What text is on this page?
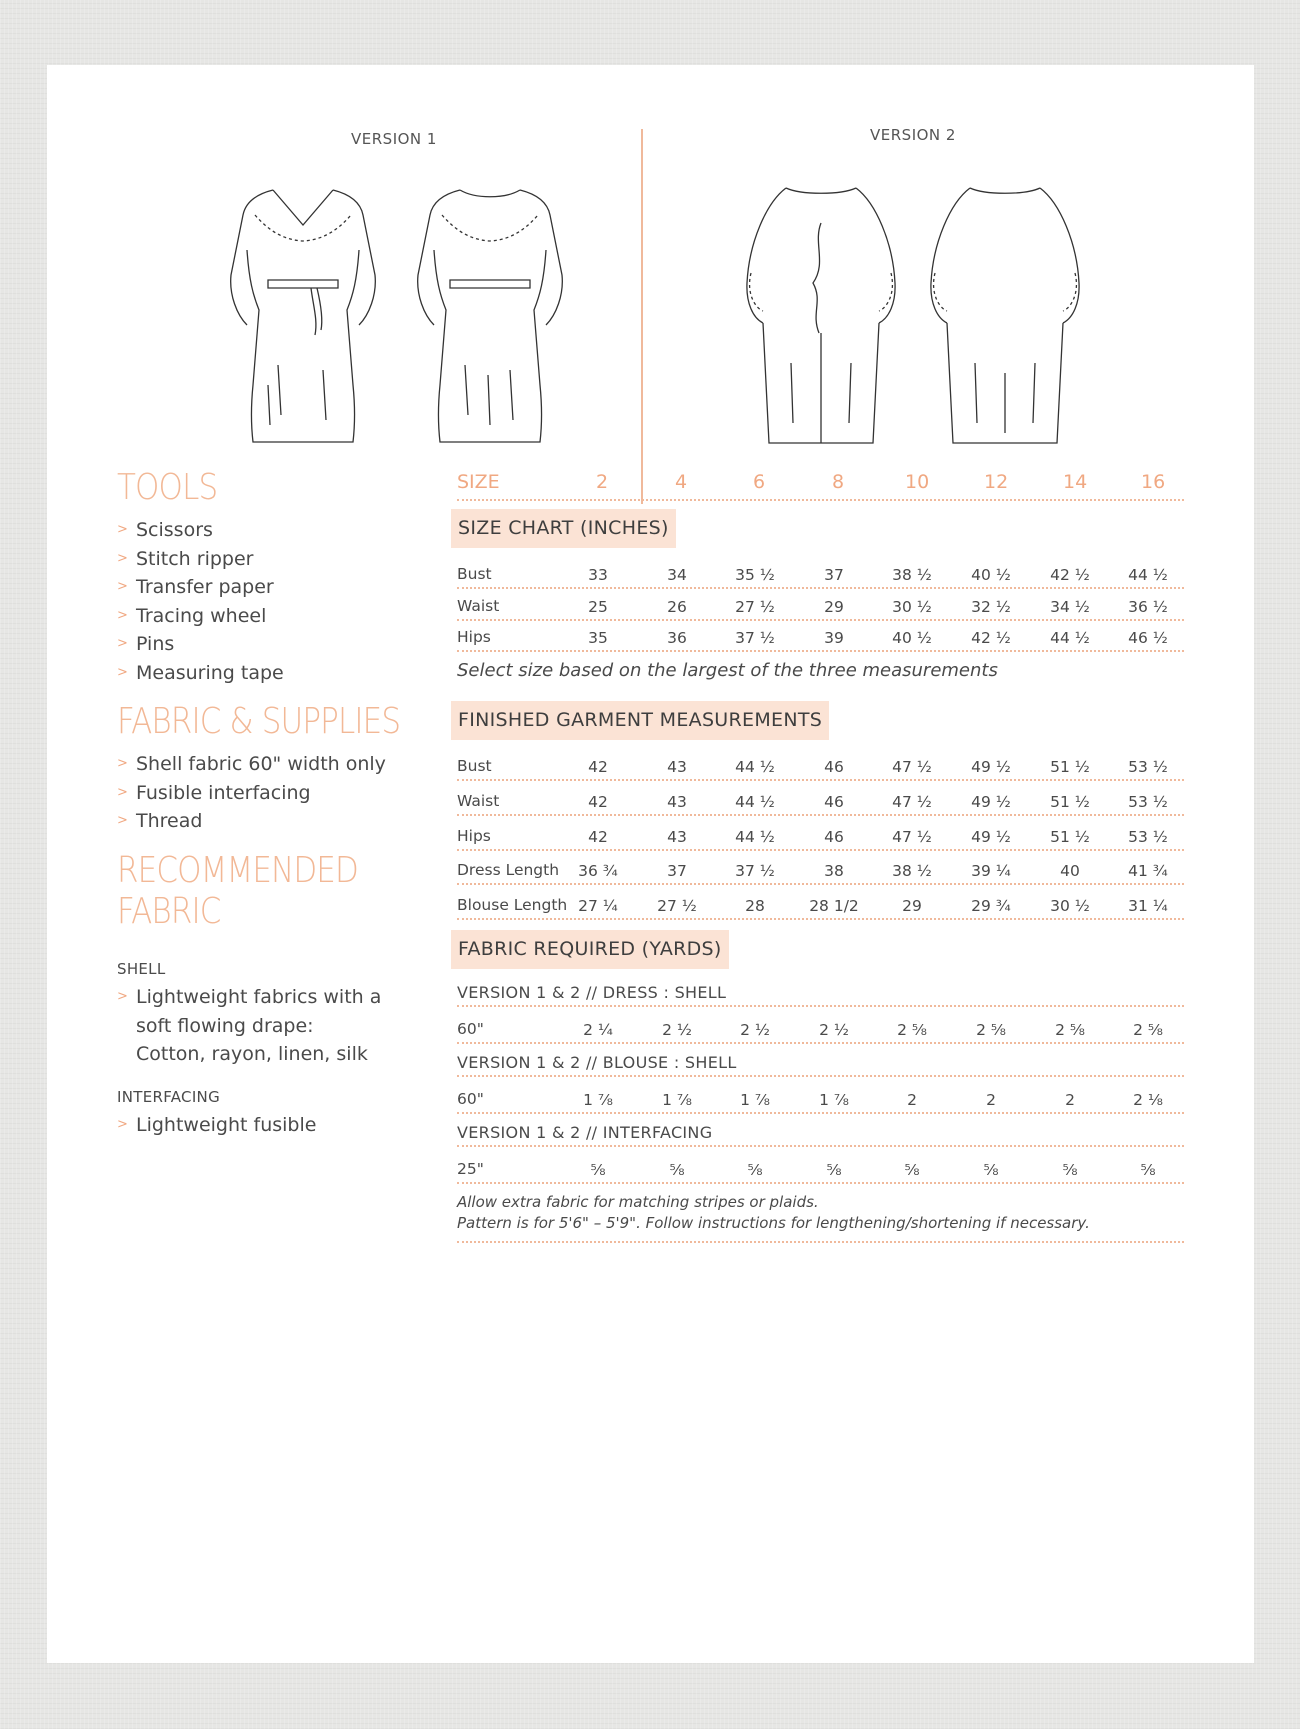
VERSION 1	VERSION 2
TOOLS
> Scissors
> Stitch ripper
> Transfer paper
> Tracing wheel
> Pins
> Measuring tape
FABRIC & SUPPLIES
> Shell fabric 60" width only
> Fusible interfacing
> Thread
RECOMMENDED
FABRIC
SHELL
> Lightweight fabrics with a
soft flowing drape:
Cotton, rayon, linen, silk
INTERFACING
> Lightweight fusible
SIZE	2	4	6	8	10	12	14	16
SIZE CHART (INCHES)
Bust	33	34	35 ½	37	38 ½	40 ½	42 ½	44 ½
Waist	25	26	27 ½	29	30 ½	32 ½	34 ½	36 ½
Hips	35	36	37 ½	39	40 ½	42 ½	44 ½	46 ½
Select size based on the largest of the three measurements
FINISHED GARMENT MEASUREMENTS
Bust	42	43	44 ½	46	47 ½	49 ½	51 ½	53 ½
Waist	42	43	44 ½	46	47 ½	49 ½	51 ½	53 ½
Hips	42	43	44 ½	46	47 ½	49 ½	51 ½	53 ½
Dress Length	36 ¾	37	37 ½	38	38 ½	39 ¼	40	41 ¾
Blouse Length 27 ¼	27 ½	28	28 1/2	29	29 ¾	30 ½	31 ¼
FABRIC REQUIRED (YARDS)
VERSION 1 & 2 // DRESS : SHELL
60"	2 ¼	2 ½	2 ½	2 ½	2 ⅝	2 ⅝	2 ⅝	2 ⅝
VERSION 1 & 2 // BLOUSE : SHELL
60"	1 ⅞	1 ⅞	1 ⅞	1 ⅞	2	2	2	2 ⅛
VERSION 1 & 2 // INTERFACING
25"	⅝	⅝	⅝	⅝	⅝	⅝	⅝	⅝
Allow extra fabric for matching stripes or plaids.
Pattern is for 5'6" – 5'9". Follow instructions for lengthening/shortening if necessary.
